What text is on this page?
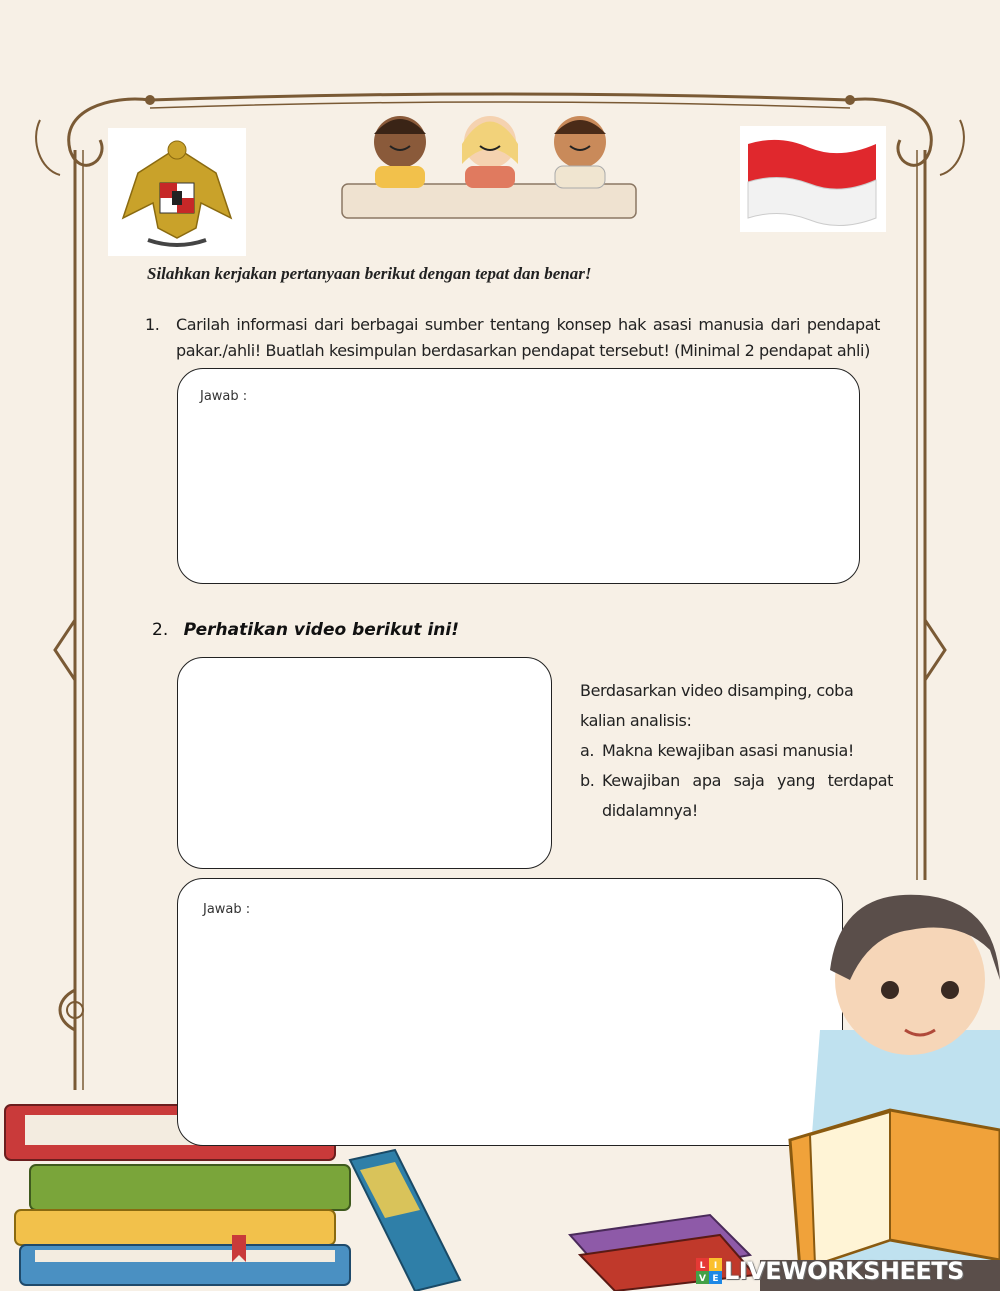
Silahkan kerjakan pertanyaan berikut dengan tepat dan benar!
1. Carilah informasi dari berbagai sumber tentang konsep hak asasi manusia dari pendapat pakar./ahli! Buatlah kesimpulan berdasarkan pendapat tersebut! (Minimal 2 pendapat ahli)
Jawab :
2. Perhatikan video berikut ini!
Berdasarkan video disamping, coba kalian analisis:
a. Makna kewajiban asasi manusia!
b. Kewajiban apa saja yang terdapat didalamnya!
Jawab :
L I
V E LIVEWORKSHEETS
